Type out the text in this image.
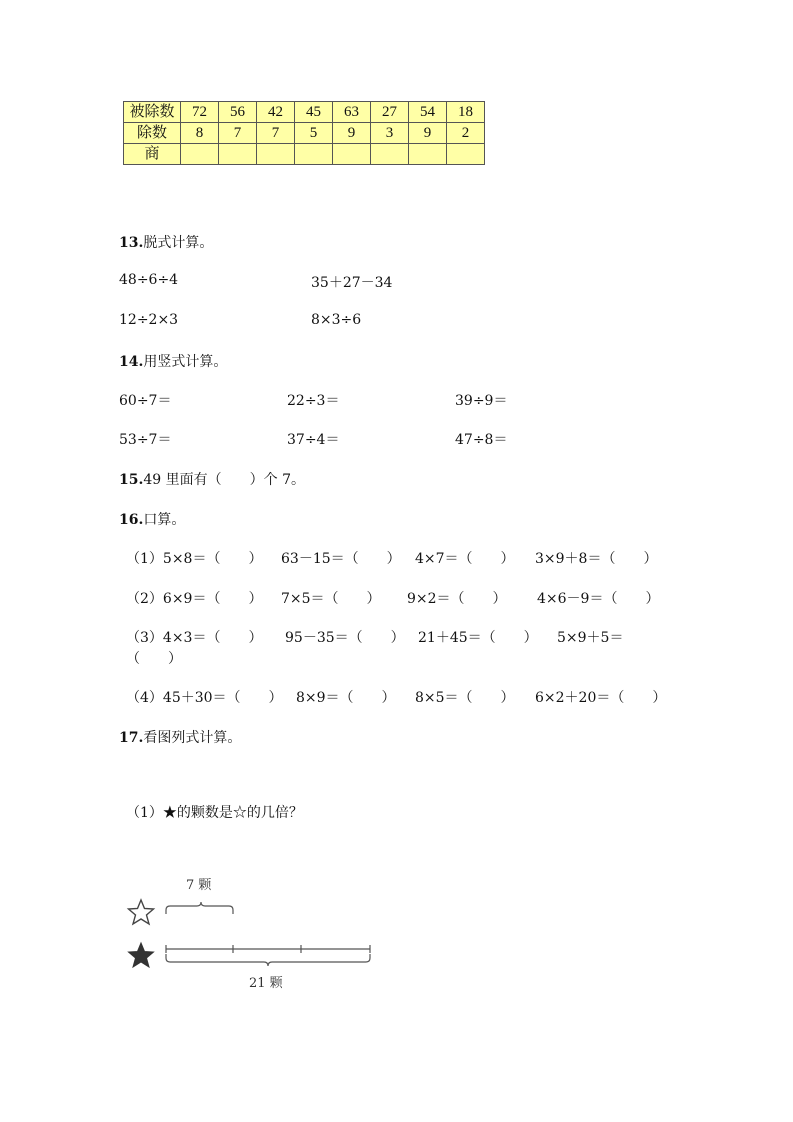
被除数	72	56	42	45	63	27	54	18
除数	8	7	7	5	9	3	9	2
商								
13.脱式计算。
48÷6÷4	35＋27－34
12÷2×3	8×3÷6
14.用竖式计算。
60÷7＝	22÷3＝	39÷9＝
53÷7＝	37÷4＝	47÷8＝
15.49 里面有（　　）个 7。
16.口算。
（1）5×8＝（　　） 63－15＝（　　） 4×7＝（　　） 3×9＋8＝（　　）
（2）6×9＝（　　） 7×5＝（　　） 9×2＝（　　） 4×6－9＝（　　）
（3）4×3＝（　　） 95－35＝（　　） 21＋45＝（　　） 5×9＋5＝
（　　）
（4）45＋30＝（　　） 8×9＝（　　） 8×5＝（　　） 6×2＋20＝（　　）
17.看图列式计算。
（1）★的颗数是☆的几倍？
7 颗
21 颗
